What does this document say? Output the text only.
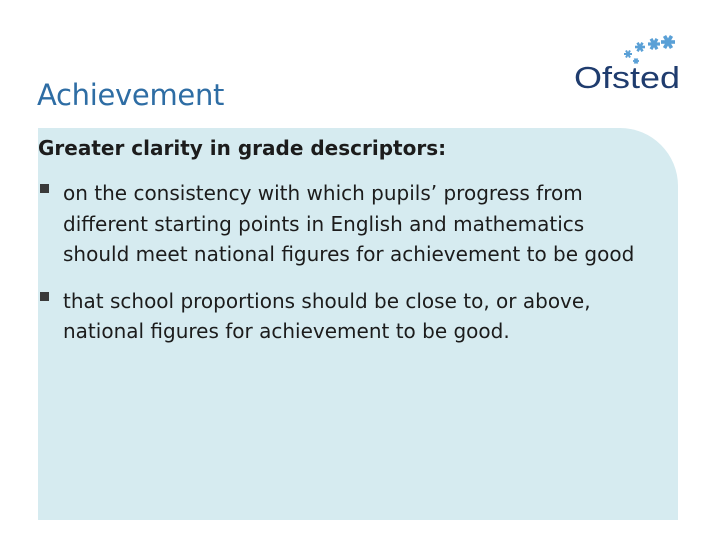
Achievement	Ofsted
Greater clarity in grade descriptors:
on the consistency with which pupils’ progress from different starting points in English and mathematics should meet national figures for achievement to be good
that school proportions should be close to, or above, national figures for achievement to be good.
